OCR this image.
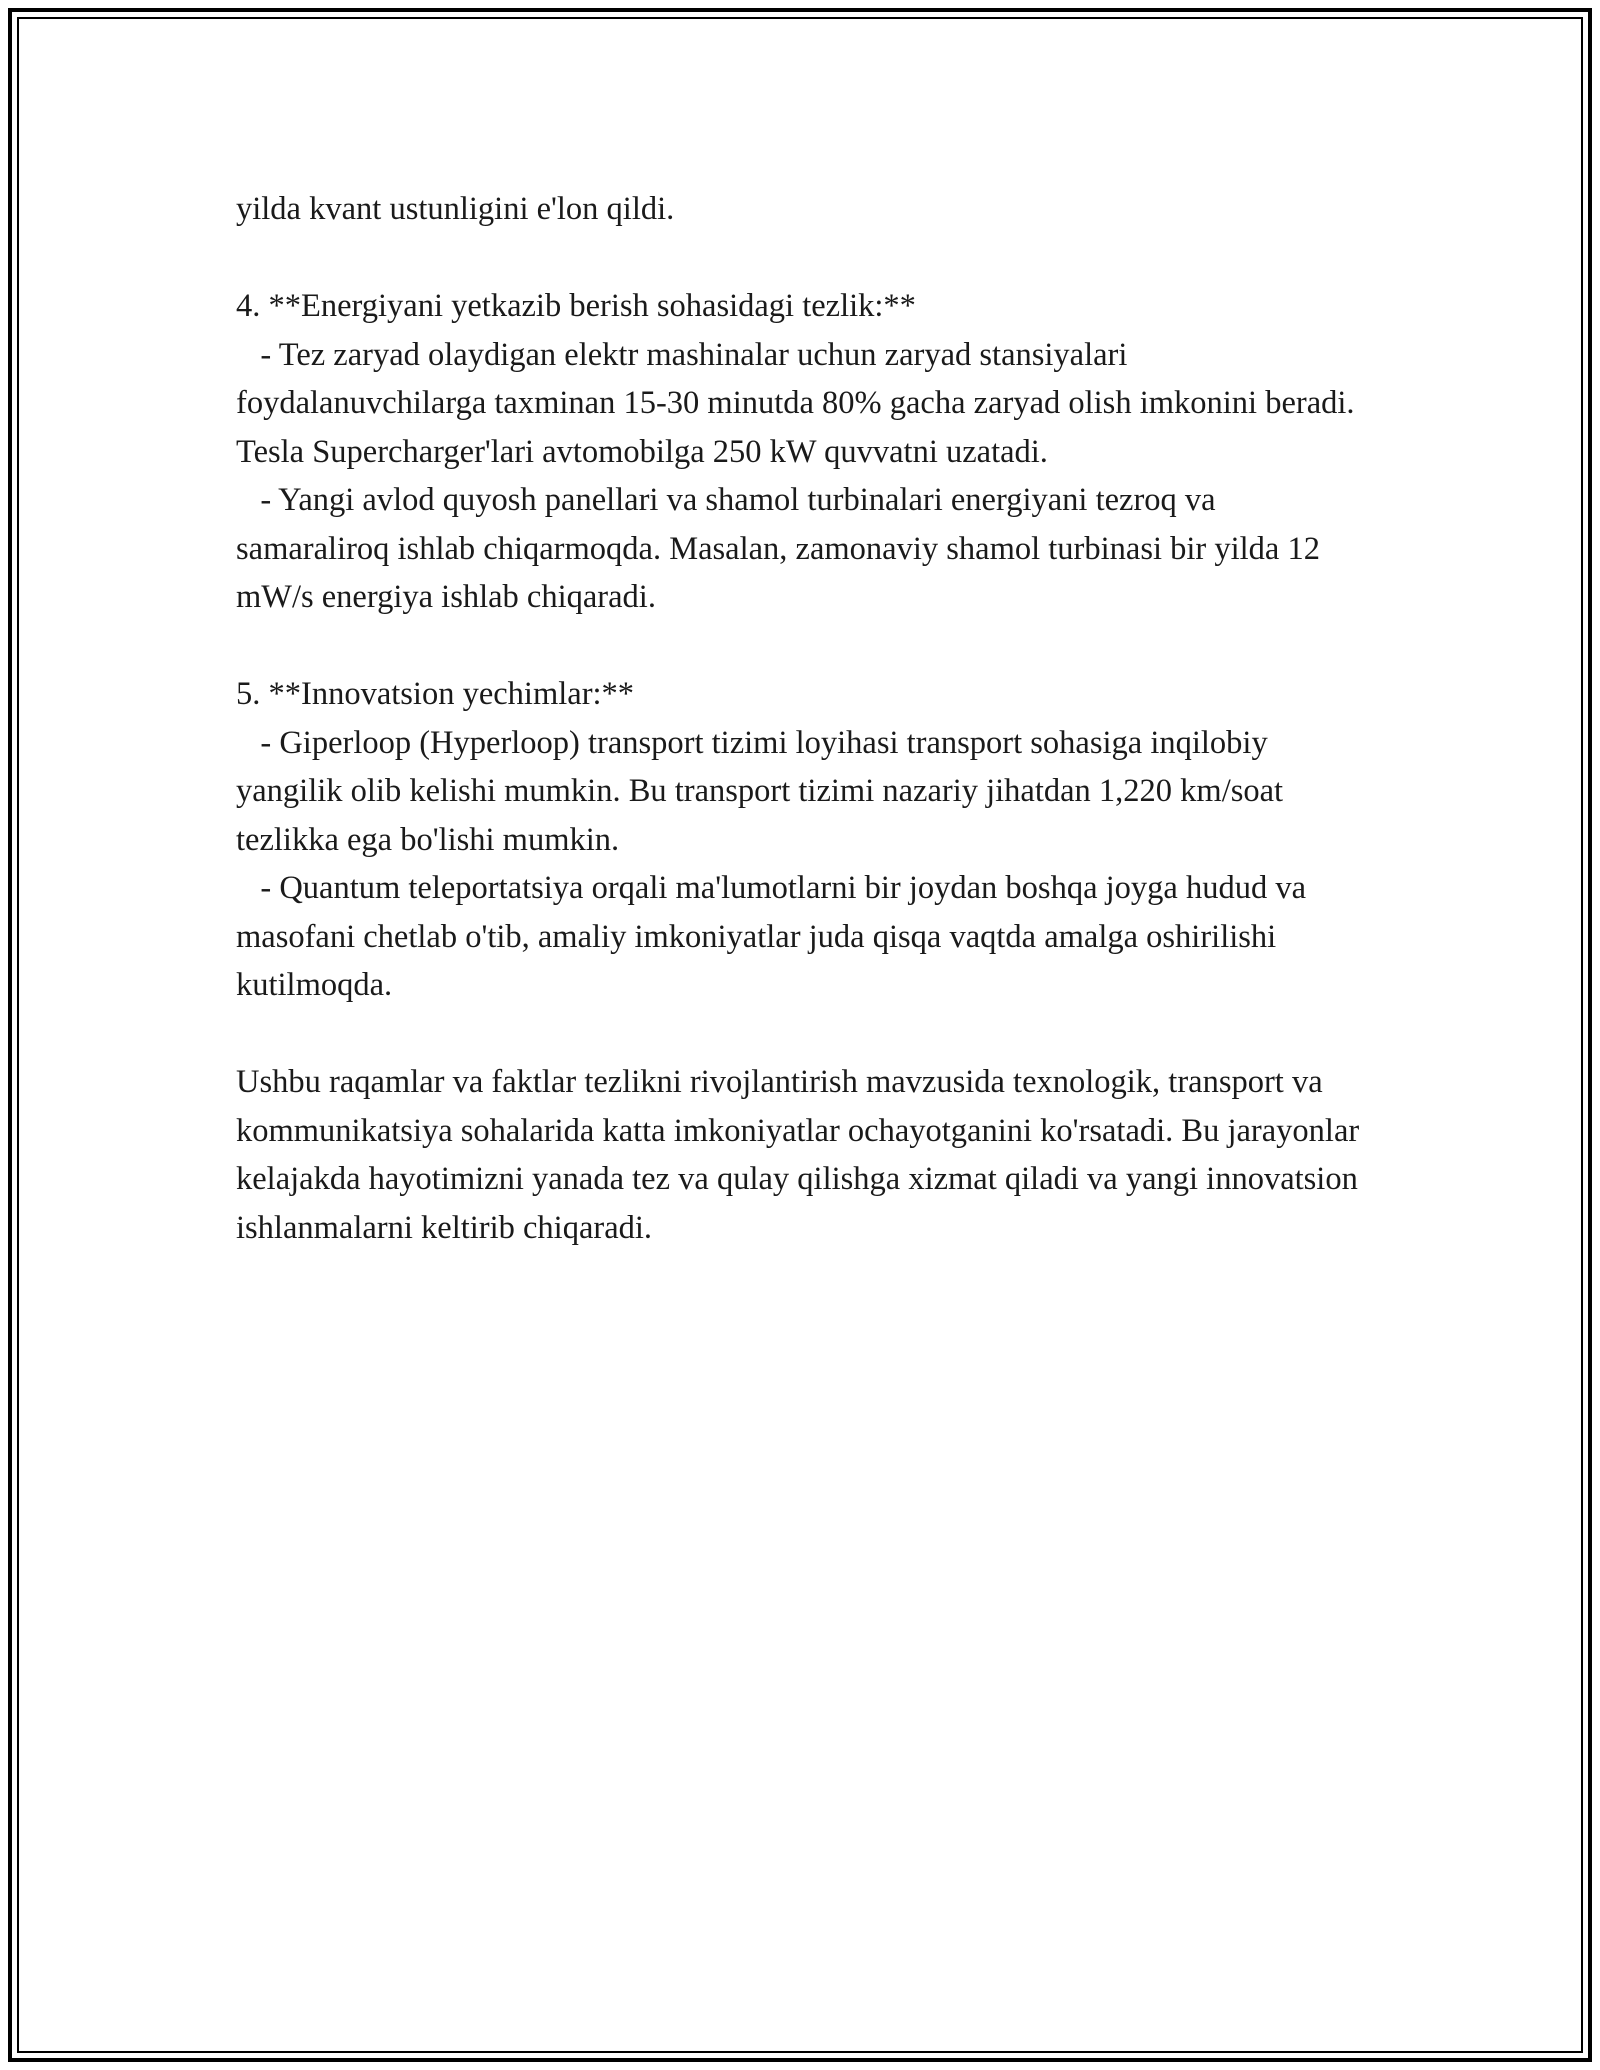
yilda kvant ustunligini e'lon qildi.

4. **Energiyani yetkazib berish sohasidagi tezlik:**

- Tez zaryad olaydigan elektr mashinalar uchun zaryad stansiyalari foydalanuvchilarga taxminan 15-30 minutda 80% gacha zaryad olish imkonini beradi. Tesla Supercharger'lari avtomobilga 250 kW quvvatni uzatadi.

- Yangi avlod quyosh panellari va shamol turbinalari energiyani tezroq va samaraliroq ishlab chiqarmoqda. Masalan, zamonaviy shamol turbinasi bir yilda 12 mW/s energiya ishlab chiqaradi.

5. **Innovatsion yechimlar:**

- Giperloop (Hyperloop) transport tizimi loyihasi transport sohasiga inqilobiy yangilik olib kelishi mumkin. Bu transport tizimi nazariy jihatdan 1,220 km/soat tezlikka ega bo'lishi mumkin.

- Quantum teleportatsiya orqali ma'lumotlarni bir joydan boshqa joyga hudud va masofani chetlab o'tib, amaliy imkoniyatlar juda qisqa vaqtda amalga oshirilishi kutilmoqda.

Ushbu raqamlar va faktlar tezlikni rivojlantirish mavzusida texnologik, transport va kommunikatsiya sohalarida katta imkoniyatlar ochayotganini ko'rsatadi. Bu jarayonlar kelajakda hayotimizni yanada tez va qulay qilishga xizmat qiladi va yangi innovatsion ishlanmalarni keltirib chiqaradi.
